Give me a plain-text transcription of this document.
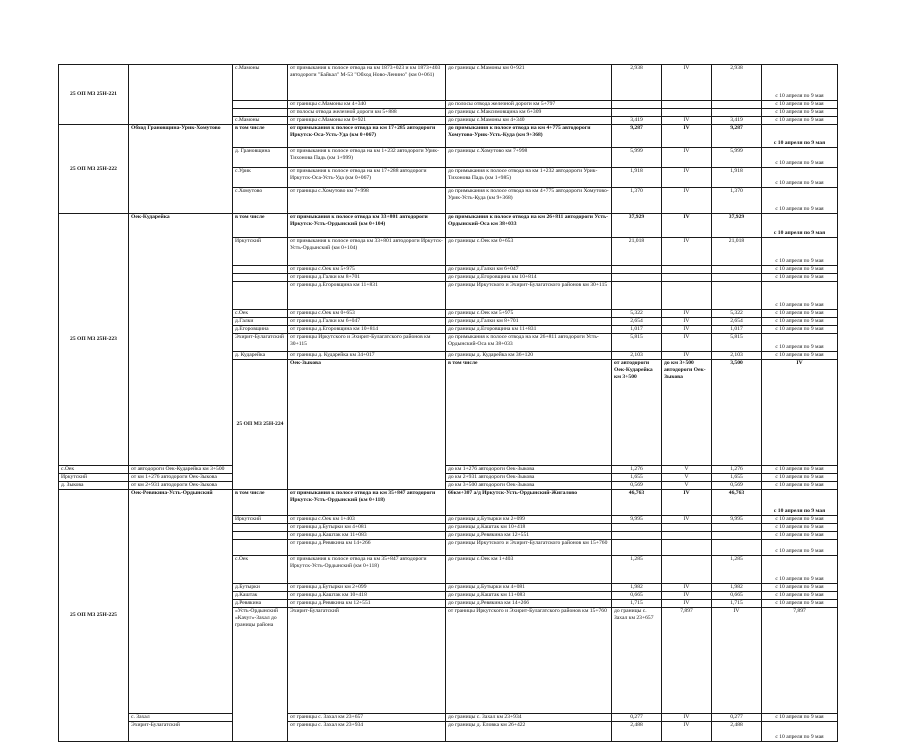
25 ОП МЗ 25Н-221		с.Мамоны	от примыкания к полосе отвода на км 1873+023 и км 1873+403 автодороги "Байкал" М-53 "Обход Ново-Ленино" (км 0+061)	до границы с.Мамоны км 0+921	2,938	IV	2,938	с 10 апреля по 9 мая	
			от границы с.Мамоны км 4+340	до полосы отвода железной дороги км 5+797				с 10 апреля по 9 мая	
			от полосы отвода железной дороги км 5+888	до границы с.Максимовщина км 6+309				с 10 апреля по 9 мая	
		с.Мамоны	от границы с.Мамоны км 0+921	до границы с.Мамоны км 4+340	3,419	IV	3,419	с 10 апреля по 9 мая	
25 ОП МЗ 25Н-222	Обход Грановщина-Урик-Хомутово	в том числе	от примыкания к полосе отвода на км 17+285 автодороги Иркутск-Оса-Усть-Уда (км 0+067)	до примыкания к полосе отвода на км 4+775 автодороги Хомутово-Урик-Усть-Куда (км 9+368)	9,287	IV	9,287	с 10 апреля по 9 мая	
		д. Грановщина	от примыкания к полосе отвода на км 1+232 автодороги Урик-Тихонова Падь (км 1+999)	до границы с.Хомутово км 7+998	5,999	IV	5,999	с 10 апреля по 9 мая	
		с.Урик	от примыкания к полосе отвода на км 17+288 автодороги Иркутск-Оса-Усть-Уда (км 0+067)	до примыкания к полосе отвода на км 1+232 автодороги Урик-Тихонова Падь (км 1+985)	1,918	IV	1,918	с 10 апреля по 9 мая	
		с.Хомутово	от границы с.Хомутово км 7+998	до примыкания к полосе отвода на км 4+775 автодороги Хомутово-Урик-Усть-Куда (км 9+368)	1,370	IV	1,370	с 10 апреля по 9 мая	
25 ОП МЗ 25Н-223	Оек-Кударейка	в том числе	от примыкания к полосе отвода км 33+801 автодороги Иркутск-Усть-Ордынский (км 0+104)	до примыкания к полосе отвода на км 26+811 автодороги Усть-Ордынский-Оса км 38+033	37,929	IV	37,929	с 10 апреля по 9 мая	
		Иркутский	от примыкания к полосе отвода км 33+801 автодороги Иркутск-Усть-Ордынский (км 0+104)	до границы с.Оек км 0+653	21,018	IV	21,018	с 10 апреля по 9 мая	
			от границы с.Оек км 5+975	до границы д.Галки км 6+047				с 10 апреля по 9 мая	
			от границы д.Галки км 8+701	до границы д.Егоровщина км 10+814				с 10 апреля по 9 мая	
			от границы д.Егоровщина км 11+831	до границы Иркутского и Эхирит-Булагатского районов км 30+115				с 10 апреля по 9 мая	
		с.Оек	от границы с.Оек км 0+653	до границы с.Оек км 5+975	5,322	IV	5,322	с 10 апреля по 9 мая	
		д.Галки	от границы д.Галки км 6+047	до границы д.Галки км 8+701	2,654	IV	2,654	с 10 апреля по 9 мая	
		д.Егоровщина	от границы д.Егоровщина км 10+814	до границы д.Егоровщина км 11+831	1,017	IV	1,017	с 10 апреля по 9 мая	
		Эхирит-Булагатский	от границы Иркутского и Эхирит-Булагатского районов км 30+115	до примыкания к полосе отвода на км 26+811 автодороги Усть-Ордынский-Оса км 38+033	5,815	IV	5,815	с 10 апреля по 9 мая	
		д. Кударейка	от границы д. Кударейка км 34+017	до границы д. Кударейка км 36+120	2,103	IV	2,103	с 10 апреля по 9 мая	
		25 ОП МЗ 25Н-224	Оек-Зыкова	в том числе	от автодороги Оек-Кударейка км 3+500	до км 3+500 автодороги Оек-Зыкова	3,500	IV		
с.Оек	от автодороги Оек-Кударейка км 3+500			до км 1+276 автодороги Оек-Зыкова	1,276	V	1,276	с 10 апреля по 9 мая	
Иркутский	от км 1+276 автодороги Оек-Зыкова			до км 2+931 автодороги Оек-Зыкова	1,655	V	1,655	с 10 апреля по 9 мая	
д. Зыкова	от км 2+931 автодороги Оек-Зыкова			до км 3+500 автодороги Оек-Зыкова	0,569	V	0,569	с 10 апреля по 9 мая	
25 ОП МЗ 25Н-225	Оек-Ревякина-Усть-Ордынский	в том числе	от примыкания к полосе отвода на км 35+847 автодороги Иркутск-Усть-Ордынский (км 0+118)	66км+307 а/д Иркутск-Усть-Ордынский-Жигалово	46,763	IV	46,763	с 10 апреля по 9 мая	
		Иркутский	от границы с.Оек км 1+403	до границы д.Бутырки км 2+099	9,995	IV	9,995	с 10 апреля по 9 мая	
			от границы д.Бутырки км 4+081	до границы д.Каштак км 10+418				с 10 апреля по 9 мая	
			от границы д.Каштак км 11+083	до границы д.Ревякина км 12+551				с 10 апреля по 9 мая	
			от границы д.Ревякина км 14+266	до границы Иркутского и Эхирит-Булагатского районов км 15+760				с 10 апреля по 9 мая	
		с.Оек	от примыкания к полосе отвода на км 35+847 автодороги Иркутск-Усть-Ордынский (км 0+118)	до границы с.Оек км 1+403	1,285		1,285	с 10 апреля по 9 мая	
		д.Бутырки	от границы д.Бутырки км 2+099	до границы д.Бутырки км 4+081	1,982	IV	1,982	с 10 апреля по 9 мая	
		д.Каштак	от границы д.Каштак км 10+418	до границы д.Каштак км 11+083	0,665	IV	0,665	с 10 апреля по 9 мая	
		д.Ревякина	от границы д.Ревякина км 12+551	до границы д.Ревякина км 14+266	1,715	IV	1,715	с 10 апреля по 9 мая	
		«Усть-Ордынский «Качуг»-Захал до границы района	Эхирит-Булагатский	от границы Иркутского и Эхирит-Булагатского районов км 15+760	до границы с. Захал км 23+657	7,897	IV	7,897	
	с. Захал		от границы с. Захал км 23+657	до границы с. Захал км 23+934	0,277	IV	0,277	с 10 апреля по 9 мая	
	Эхирит-Булагатский		от границы с. Захал км 23+934	до границы д. Еловка км 26+422	2,488	IV	2,488	с 10 апреля по 9 мая	
